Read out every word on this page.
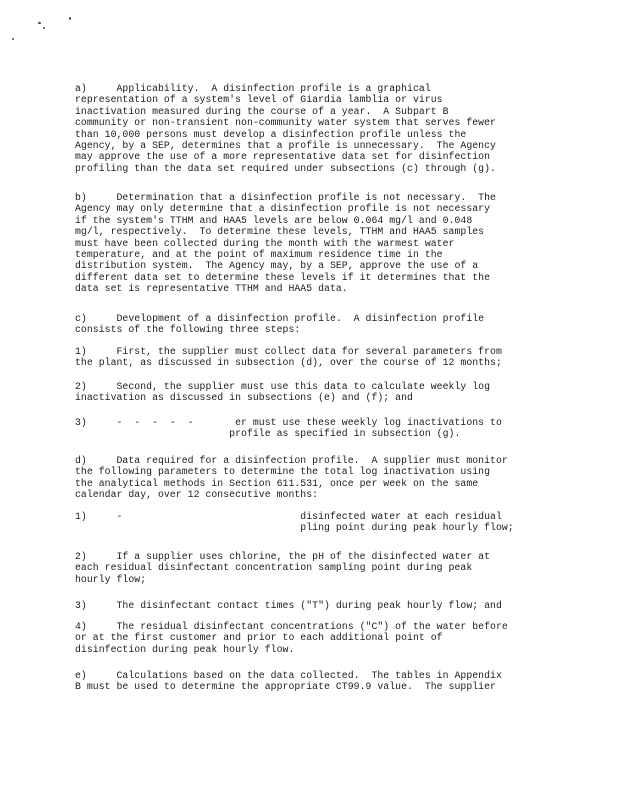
a)     Applicability.  A disinfection profile is a graphical
representation of a system's level of Giardia lamblia or virus
inactivation measured during the course of a year.  A Subpart B
community or non-transient non-community water system that serves fewer
than 10,000 persons must develop a disinfection profile unless the
Agency, by a SEP, determines that a profile is unnecessary.  The Agency
may approve the use of a more representative data set for disinfection
profiling than the data set required under subsections (c) through (g).

b)     Determination that a disinfection profile is not necessary.  The
Agency may only determine that a disinfection profile is not necessary
if the system's TTHM and HAA5 levels are below 0.064 mg/l and 0.048
mg/l, respectively.  To determine these levels, TTHM and HAA5 samples
must have been collected during the month with the warmest water
temperature, and at the point of maximum residence time in the
distribution system.  The Agency may, by a SEP, approve the use of a
different data set to determine these levels if it determines that the
data set is representative TTHM and HAA5 data.

c)     Development of a disinfection profile.  A disinfection profile
consists of the following three steps:

1)     First, the supplier must collect data for several parameters from
the plant, as discussed in subsection (d), over the course of 12 months;

2)     Second, the supplier must use this data to calculate weekly log
inactivation as discussed in subsections (e) and (f); and

3)     -  -  -  -  -       er must use these weekly log inactivations to
profile as specified in subsection (g).

d)     Data required for a disinfection profile.  A supplier must monitor
the following parameters to determine the total log inactivation using
the analytical methods in Section 611.531, once per week on the same
calendar day, over 12 consecutive months:

1)     -                              disinfected water at each residual
pling point during peak hourly flow;

2)     If a supplier uses chlorine, the pH of the disinfected water at
each residual disinfectant concentration sampling point during peak
hourly flow;

3)     The disinfectant contact times ("T") during peak hourly flow; and

4)     The residual disinfectant concentrations ("C") of the water before
or at the first customer and prior to each additional point of
disinfection during peak hourly flow.

e)     Calculations based on the data collected.  The tables in Appendix
B must be used to determine the appropriate CT99.9 value.  The supplier
